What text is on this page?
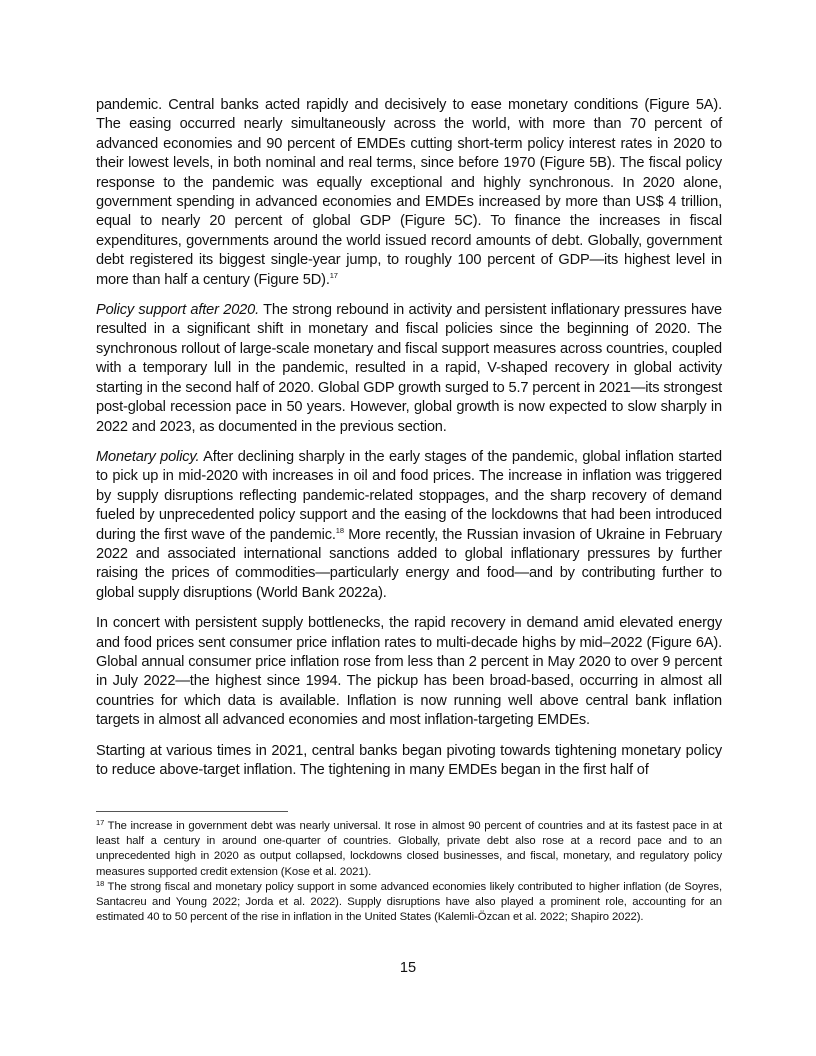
pandemic. Central banks acted rapidly and decisively to ease monetary conditions (Figure 5A). The easing occurred nearly simultaneously across the world, with more than 70 percent of advanced economies and 90 percent of EMDEs cutting short-term policy interest rates in 2020 to their lowest levels, in both nominal and real terms, since before 1970 (Figure 5B). The fiscal policy response to the pandemic was equally exceptional and highly synchronous. In 2020 alone, government spending in advanced economies and EMDEs increased by more than US$ 4 trillion, equal to nearly 20 percent of global GDP (Figure 5C). To finance the increases in fiscal expenditures, governments around the world issued record amounts of debt. Globally, government debt registered its biggest single-year jump, to roughly 100 percent of GDP—its highest level in more than half a century (Figure 5D).$^{17}$

Policy support after 2020. The strong rebound in activity and persistent inflationary pressures have resulted in a significant shift in monetary and fiscal policies since the beginning of 2020. The synchronous rollout of large-scale monetary and fiscal support measures across countries, coupled with a temporary lull in the pandemic, resulted in a rapid, V-shaped recovery in global activity starting in the second half of 2020. Global GDP growth surged to 5.7 percent in 2021—its strongest post-global recession pace in 50 years. However, global growth is now expected to slow sharply in 2022 and 2023, as documented in the previous section.

Monetary policy. After declining sharply in the early stages of the pandemic, global inflation started to pick up in mid-2020 with increases in oil and food prices. The increase in inflation was triggered by supply disruptions reflecting pandemic-related stoppages, and the sharp recovery of demand fueled by unprecedented policy support and the easing of the lockdowns that had been introduced during the first wave of the pandemic.$^{18}$ More recently, the Russian invasion of Ukraine in February 2022 and associated international sanctions added to global inflationary pressures by further raising the prices of commodities—particularly energy and food—and by contributing further to global supply disruptions (World Bank 2022a).

In concert with persistent supply bottlenecks, the rapid recovery in demand amid elevated energy and food prices sent consumer price inflation rates to multi-decade highs by mid–2022 (Figure 6A). Global annual consumer price inflation rose from less than 2 percent in May 2020 to over 9 percent in July 2022—the highest since 1994. The pickup has been broad-based, occurring in almost all countries for which data is available. Inflation is now running well above central bank inflation targets in almost all advanced economies and most inflation-targeting EMDEs.

Starting at various times in 2021, central banks began pivoting towards tightening monetary policy to reduce above-target inflation. The tightening in many EMDEs began in the first half of

$^{17}$ The increase in government debt was nearly universal. It rose in almost 90 percent of countries and at its fastest pace in at least half a century in around one-quarter of countries. Globally, private debt also rose at a record pace and to an unprecedented high in 2020 as output collapsed, lockdowns closed businesses, and fiscal, monetary, and regulatory policy measures supported credit extension (Kose et al. 2021).

$^{18}$ The strong fiscal and monetary policy support in some advanced economies likely contributed to higher inflation (de Soyres, Santacreu and Young 2022; Jorda et al. 2022). Supply disruptions have also played a prominent role, accounting for an estimated 40 to 50 percent of the rise in inflation in the United States (Kalemli-Özcan et al. 2022; Shapiro 2022).

15
